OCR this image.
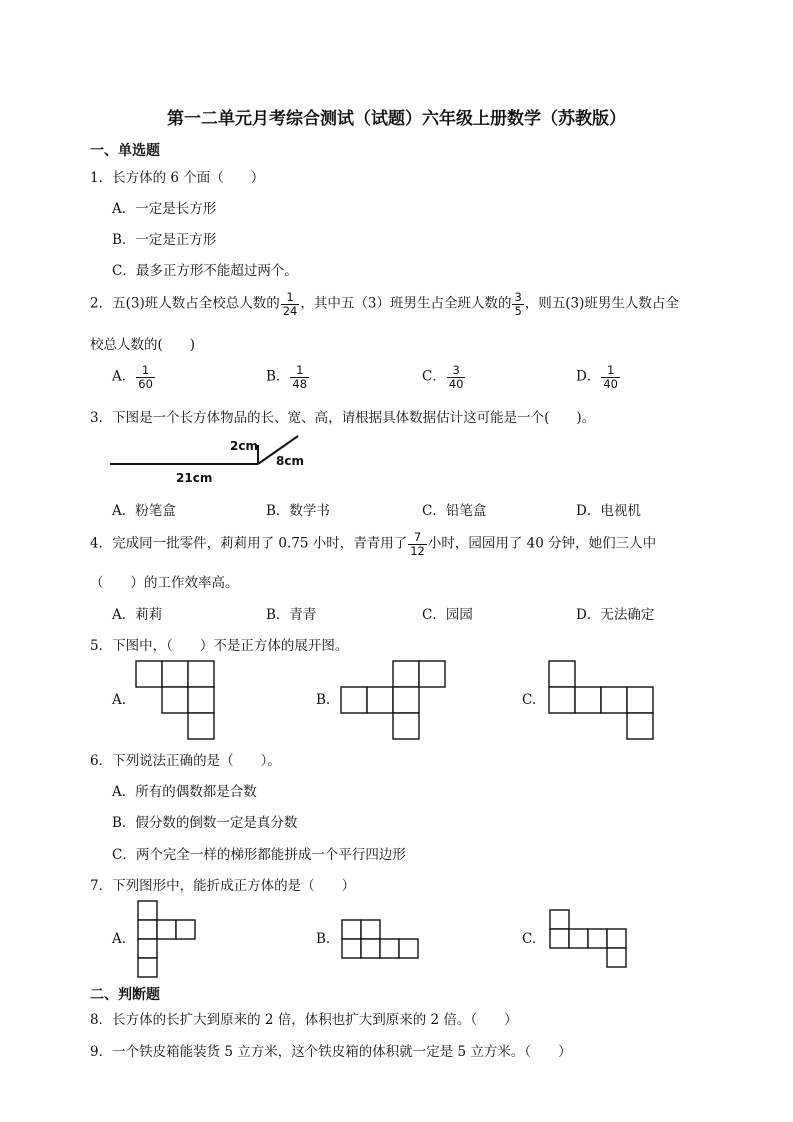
第一二单元月考综合测试（试题）六年级上册数学（苏教版）
一、单选题
1．长方体的 6 个面（　　）
A．一定是长方形
B．一定是正方形
C．最多正方形不能超过两个。
2．五(3)班人数占全校总人数的 $\frac{1}{24}$ ，其中五（3）班男生占全班人数的 $\frac{3}{5}$ ，则五(3)班男生人数占全
校总人数的(　　)
A． $\frac{1}{60}$	B． $\frac{1}{48}$	C． $\frac{3}{40}$	D． $\frac{1}{40}$
3．下图是一个长方体物品的长、宽、高，请根据具体数据估计这可能是一个(　　)。
2cm
21cm
8cm
A．粉笔盒	B．数学书	C．铅笔盒	D．电视机
4．完成同一批零件，莉莉用了 0.75 小时，青青用了 $\frac{7}{12}$ 小时，园园用了 40 分钟，她们三人中
（　　）的工作效率高。
A．莉莉	B．青青	C．园园	D．无法确定
5．下图中，（　　）不是正方体的展开图。
A.	B.	C.
6．下列说法正确的是（　　）。
A．所有的偶数都是合数
B．假分数的倒数一定是真分数
C．两个完全一样的梯形都能拼成一个平行四边形
7．下列图形中，能折成正方体的是（　　）
A.	B.	C.
二、判断题
8．长方体的长扩大到原来的 2 倍，体积也扩大到原来的 2 倍。（　　）
9．一个铁皮箱能装货 5 立方米，这个铁皮箱的体积就一定是 5 立方米。（　　）
